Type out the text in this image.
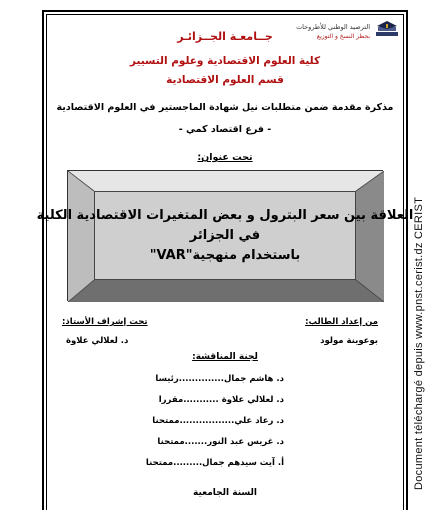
الترصيد الوطني للأطروحات
بحظر النسخ و التوزيع
جــامعـة الجــزائـر
كلية العلوم الاقتصادية وعلوم التسيير
قسم العلوم الاقتصادية
مذكرة مقدمة ضمن متطلبات نيل شهادة الماجستير في العلوم الاقتصادية
- فرع اقتصاد كمي -
تحت عنوان:
العلاقة بين سعر البترول و بعض المتغيرات الاقتصادية الكلية
في الجزائر
باستخدام منهجية"VAR"
من إعداد الطالب:
تحت إشراف الأستاذ:
بوعوينة مولود
د. لعلالي علاوة
لجنة المناقشة:
د. هاشم جمال..............رئيسا
د. لعلالي علاوة ...........مقررا
د. رعاد علي.................ممتحنا
د. غريس عبد النور.......ممتحنا
أ. آيت سيدهم جمال.........ممتحنا
السنة الجامعية
Document téléchargé depuis www.pnst.cerist.dz CERIST
